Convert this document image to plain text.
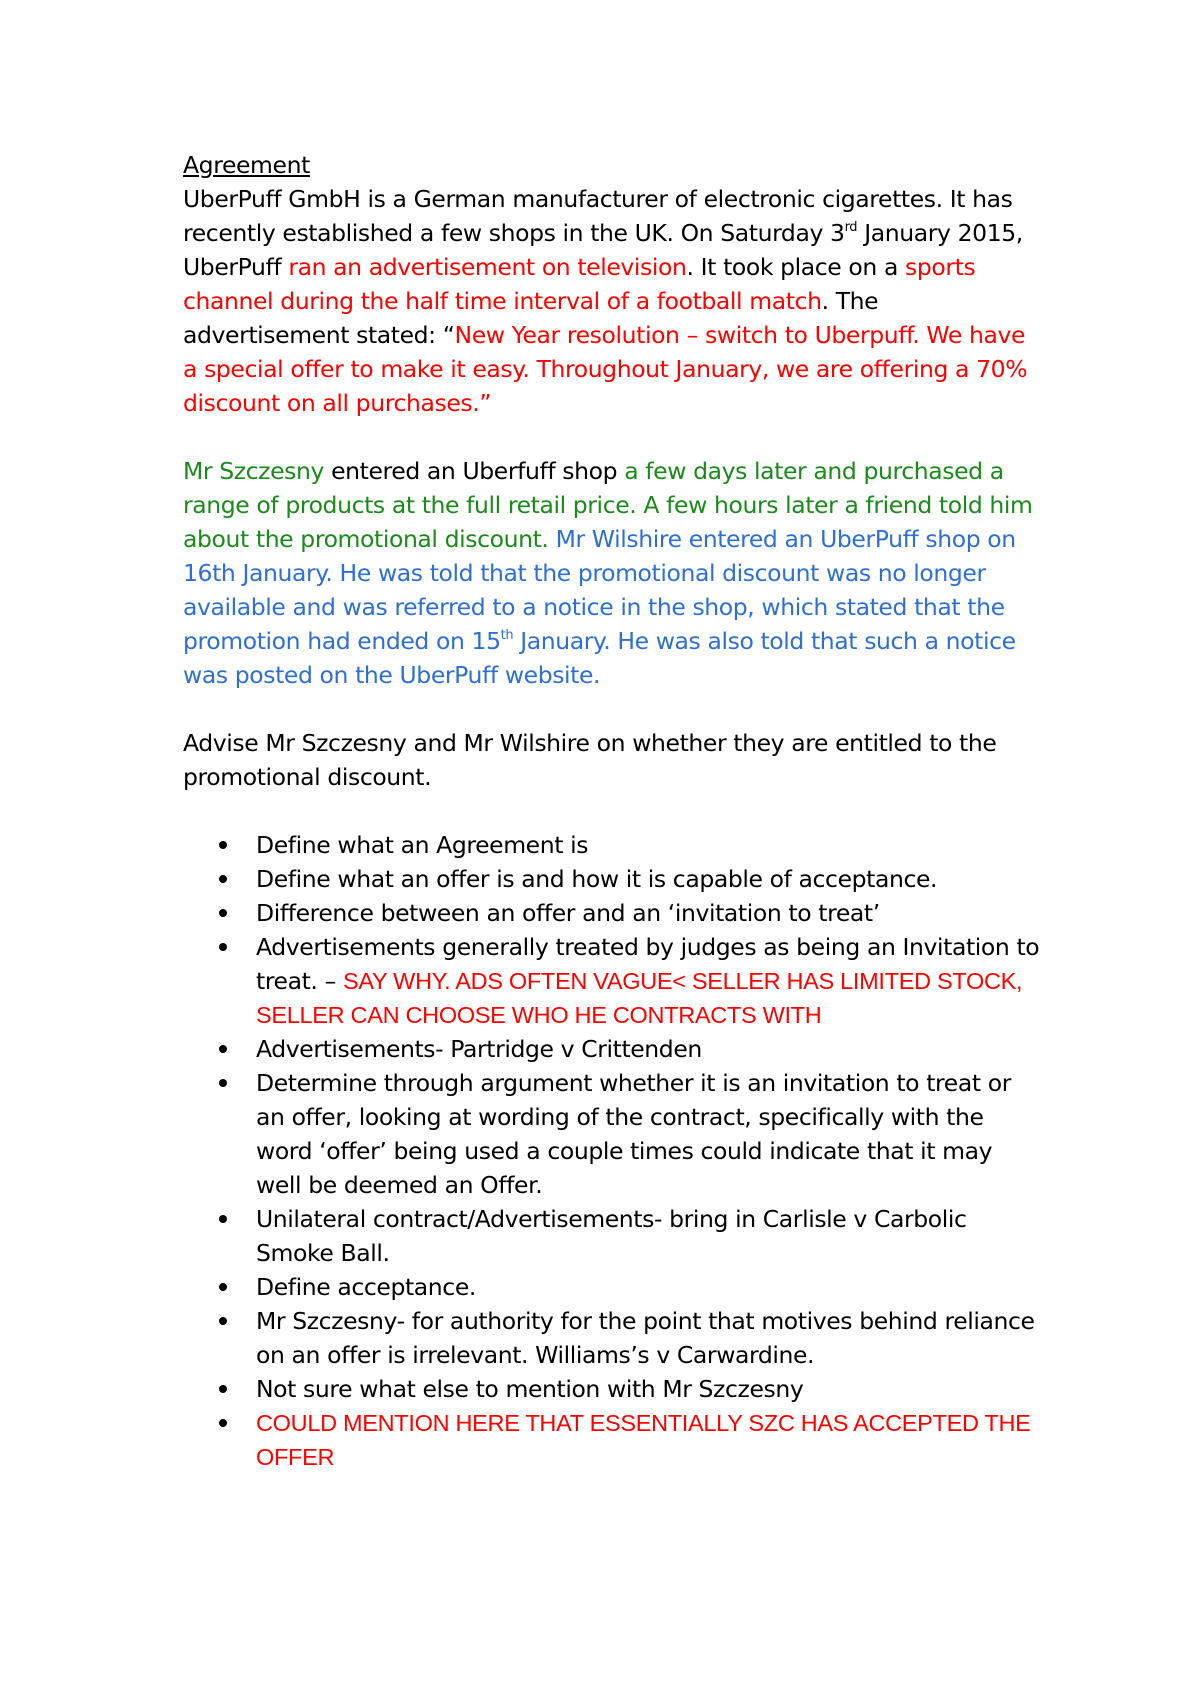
Agreement

UberPuff GmbH is a German manufacturer of electronic cigarettes. It has recently established a few shops in the UK. On Saturday 3rd January 2015, UberPuff ran an advertisement on television. It took place on a sports channel during the half time interval of a football match. The advertisement stated: “New Year resolution – switch to Uberpuff. We have a special offer to make it easy. Throughout January, we are offering a 70% discount on all purchases.”

Mr Szczesny entered an Uberfuff shop a few days later and purchased a range of products at the full retail price. A few hours later a friend told him about the promotional discount. Mr Wilshire entered an UberPuff shop on 16th January. He was told that the promotional discount was no longer available and was referred to a notice in the shop, which stated that the promotion had ended on 15th January. He was also told that such a notice was posted on the UberPuff website.

Advise Mr Szczesny and Mr Wilshire on whether they are entitled to the promotional discount.

Define what an Agreement is
Define what an offer is and how it is capable of acceptance.
Difference between an offer and an ‘invitation to treat’
Advertisements generally treated by judges as being an Invitation to treat. – SAY WHY. ADS OFTEN VAGUE< SELLER HAS LIMITED STOCK, SELLER CAN CHOOSE WHO HE CONTRACTS WITH
Advertisements- Partridge v Crittenden
Determine through argument whether it is an invitation to treat or an offer, looking at wording of the contract, specifically with the word ‘offer’ being used a couple times could indicate that it may well be deemed an Offer.
Unilateral contract/Advertisements- bring in Carlisle v Carbolic Smoke Ball.
Define acceptance.
Mr Szczesny- for authority for the point that motives behind reliance on an offer is irrelevant. Williams’s v Carwardine.
Not sure what else to mention with Mr Szczesny
COULD MENTION HERE THAT ESSENTIALLY SZC HAS ACCEPTED THE OFFER
